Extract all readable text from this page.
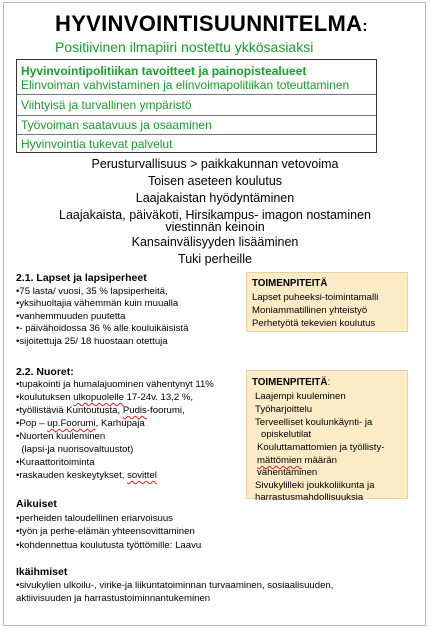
HYVINVOINTISUUNNITELMA:
Positiivinen ilmapiiri nostettu ykkösasiaksi
Hyvinvointipolitiikan tavoitteet ja painopistealueet
Elinvoiman vahvistaminen ja elinvoimapolitiikan toteuttaminen
Viihtyisä ja turvallinen ympäristö
Työvoiman saatavuus ja osaaminen
Hyvinvointia tukevat palvelut
Perusturvallisuus > paikkakunnan vetovoima
Toisen aseteen koulutus
Laajakaistan hyödyntäminen
Laajakaista, päiväkoti, Hirsikampus- imagon nostaminen
viestinnän keinoin
Kansainvälisyyden lisääminen
Tuki perheille
2.1. Lapset ja lapsiperheet
•75 lasta/ vuosi, 35 % lapsiperheitä,
•yksihuoltajia vähemmän kuin muualla
•vanhemmuuden puutetta
•- päivähoidossa 36 % alle kouluikäisistä
•sijoitettuja 25/ 18 huostaan otettuja
TOIMENPITEITÄ
Lapset puheeksi-toimintamalli
Moniammatillinen yhteistyö
Perhetyötä tekevien koulutus
2.2. Nuoret:
•tupakointi ja humalajuominen vähentynyt 11%
•koulutuksen ulkopuolelle 17-24v. 13,2 %,
•työllistäviä Kuntoutusta, Pudis-foorumi,
•Pop – up.Foorumi, Karhupaja
•Nuorten kuuleminen
(lapsi-ja nuorisovaltuustot)
•Kuraattoritoiminta
•raskauden keskeytykset, sovittel
TOIMENPITEITÄ:
Laajempi kuuleminen
Työharjoittelu
Terveelliset koulunkäynti- ja
opiskelutilat
Kouluttamattomien ja työllisty-
mättömien määrän
vähentäminen
Sivukylilleki joukkoliikunta ja
harrastusmahdollisuuksia
Aikuiset
•perheiden taloudellinen eriarvoisuus
•työn ja perhe-elämän yhteensovittaminen
•kohdennettua koulutusta työttömille: Laavu
Ikäihmiset
•sivukylien ulkoilu-, virike-ja liikuntatoiminnan turvaaminen, sosiaalisuuden,
aktiivisuuden ja harrastustoiminnantukeminen
